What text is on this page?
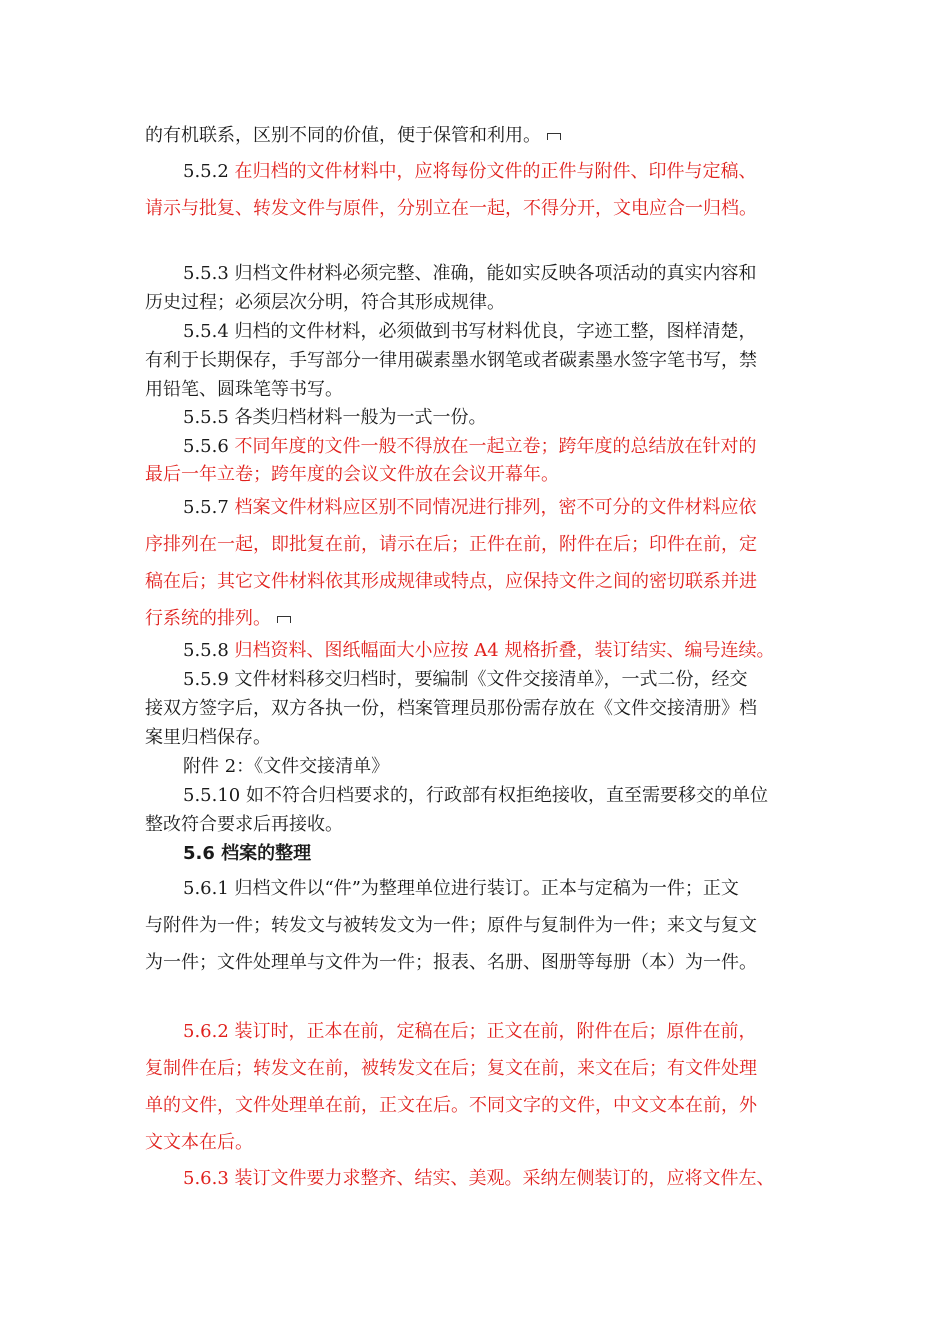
的有机联系，区别不同的价值，便于保管和利用。
5.5.2 在归档的文件材料中，应将每份文件的正件与附件、印件与定稿、
请示与批复、转发文件与原件，分别立在一起，不得分开，文电应合一归档。
5.5.3 归档文件材料必须完整、准确，能如实反映各项活动的真实内容和
历史过程；必须层次分明，符合其形成规律。
5.5.4 归档的文件材料，必须做到书写材料优良，字迹工整，图样清楚，
有利于长期保存，手写部分一律用碳素墨水钢笔或者碳素墨水签字笔书写，禁
用铅笔、圆珠笔等书写。
5.5.5 各类归档材料一般为一式一份。
5.5.6 不同年度的文件一般不得放在一起立卷；跨年度的总结放在针对的
最后一年立卷；跨年度的会议文件放在会议开幕年。
5.5.7 档案文件材料应区别不同情况进行排列，密不可分的文件材料应依
序排列在一起，即批复在前，请示在后；正件在前，附件在后；印件在前，定
稿在后；其它文件材料依其形成规律或特点，应保持文件之间的密切联系并进
行系统的排列。
5.5.8 归档资料、图纸幅面大小应按 A4 规格折叠，装订结实、编号连续。
5.5.9 文件材料移交归档时，要编制《文件交接清单》，一式二份，经交
接双方签字后，双方各执一份，档案管理员那份需存放在《文件交接清册》档
案里归档保存。
附件 2：《文件交接清单》
5.5.10 如不符合归档要求的，行政部有权拒绝接收，直至需要移交的单位
整改符合要求后再接收。
5.6 档案的整理
5.6.1 归档文件以“件”为整理单位进行装订。正本与定稿为一件；正文
与附件为一件；转发文与被转发文为一件；原件与复制件为一件；来文与复文
为一件；文件处理单与文件为一件；报表、名册、图册等每册（本）为一件。
5.6.2 装订时，正本在前，定稿在后；正文在前，附件在后；原件在前，
复制件在后；转发文在前，被转发文在后；复文在前，来文在后；有文件处理
单的文件，文件处理单在前，正文在后。不同文字的文件，中文文本在前，外
文文本在后。
5.6.3 装订文件要力求整齐、结实、美观。采纳左侧装订的，应将文件左、
